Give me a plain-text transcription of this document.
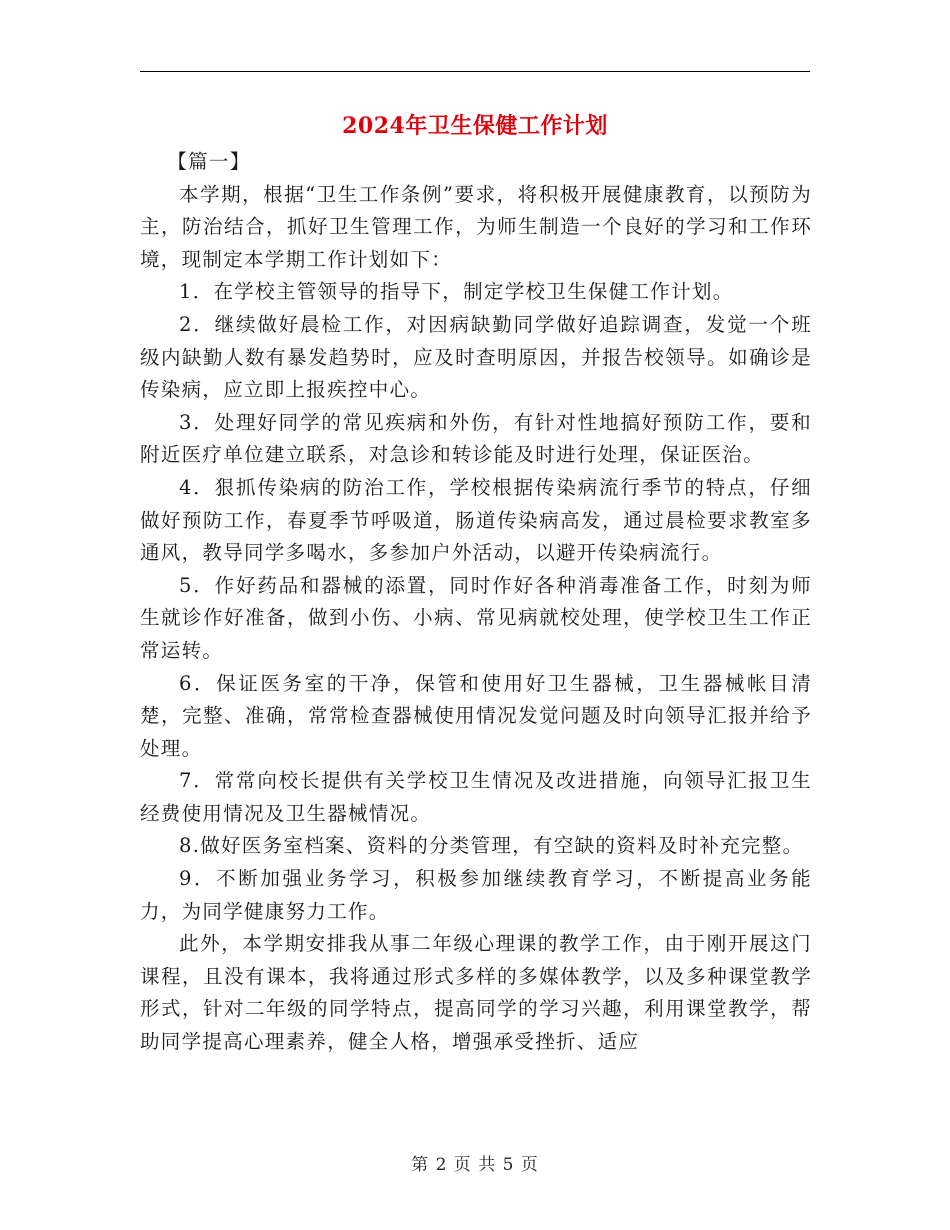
2024年卫生保健工作计划

【篇一】

本学期，根据“卫生工作条例”要求，将积极开展健康教育，以预防为主，防治结合，抓好卫生管理工作，为师生制造一个良好的学习和工作环境，现制定本学期工作计划如下：

1．在学校主管领导的指导下，制定学校卫生保健工作计划。

2．继续做好晨检工作，对因病缺勤同学做好追踪调查，发觉一个班级内缺勤人数有暴发趋势时，应及时查明原因，并报告校领导。如确诊是传染病，应立即上报疾控中心。

3．处理好同学的常见疾病和外伤，有针对性地搞好预防工作，要和附近医疗单位建立联系，对急诊和转诊能及时进行处理，保证医治。

4．狠抓传染病的防治工作，学校根据传染病流行季节的特点，仔细做好预防工作，春夏季节呼吸道，肠道传染病高发，通过晨检要求教室多通风，教导同学多喝水，多参加户外活动，以避开传染病流行。

5．作好药品和器械的添置，同时作好各种消毒准备工作，时刻为师生就诊作好准备，做到小伤、小病、常见病就校处理，使学校卫生工作正常运转。

6．保证医务室的干净，保管和使用好卫生器械，卫生器械帐目清楚，完整、准确，常常检查器械使用情况发觉问题及时向领导汇报并给予处理。

7．常常向校长提供有关学校卫生情况及改进措施，向领导汇报卫生经费使用情况及卫生器械情况。

8.做好医务室档案、资料的分类管理，有空缺的资料及时补充完整。

9．不断加强业务学习，积极参加继续教育学习，不断提高业务能力，为同学健康努力工作。

此外，本学期安排我从事二年级心理课的教学工作，由于刚开展这门课程，且没有课本，我将通过形式多样的多媒体教学，以及多种课堂教学形式，针对二年级的同学特点，提高同学的学习兴趣，利用课堂教学，帮助同学提高心理素养，健全人格，增强承受挫折、适应

第 2 页 共 5 页
